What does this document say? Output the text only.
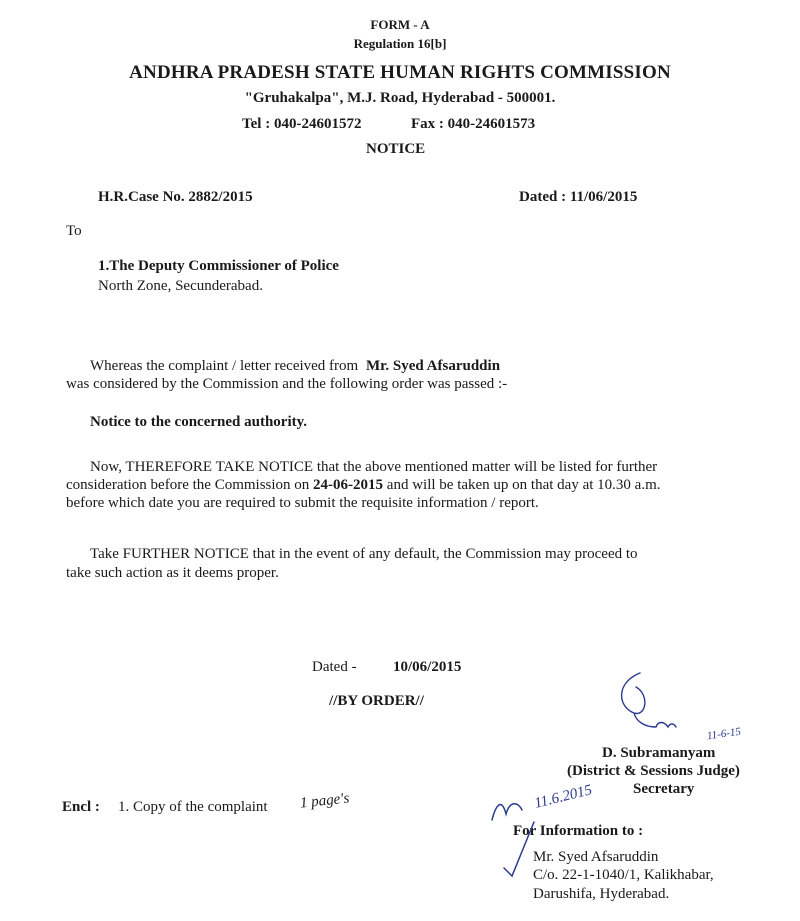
FORM - A
Regulation 16[b]
ANDHRA PRADESH STATE HUMAN RIGHTS COMMISSION
"Gruhakalpa", M.J. Road, Hyderabad - 500001.
Tel : 040-24601572	Fax : 040-24601573
NOTICE
H.R.Case No. 2882/2015	Dated : 11/06/2015
To
1.The Deputy Commissioner of Police
North Zone, Secunderabad.
Whereas the complaint / letter received from Mr. Syed Afsaruddin
was considered by the Commission and the following order was passed :-
Notice to the concerned authority.
Now, THEREFORE TAKE NOTICE that the above mentioned matter will be listed for further
consideration before the Commission on 24-06-2015 and will be taken up on that day at 10.30 a.m.
before which date you are required to submit the requisite information / report.
Take FURTHER NOTICE that in the event of any default, the Commission may proceed to
take such action as it deems proper.
Dated - 10/06/2015
//BY ORDER//
D. Subramanyam
(District & Sessions Judge)
Secretary
Encl : 1. Copy of the complaint
For Information to :
Mr. Syed Afsaruddin
C/o. 22-1-1040/1, Kalikhabar,
Darushifa, Hyderabad.
11-6-15
11.6.2015
1 page's
